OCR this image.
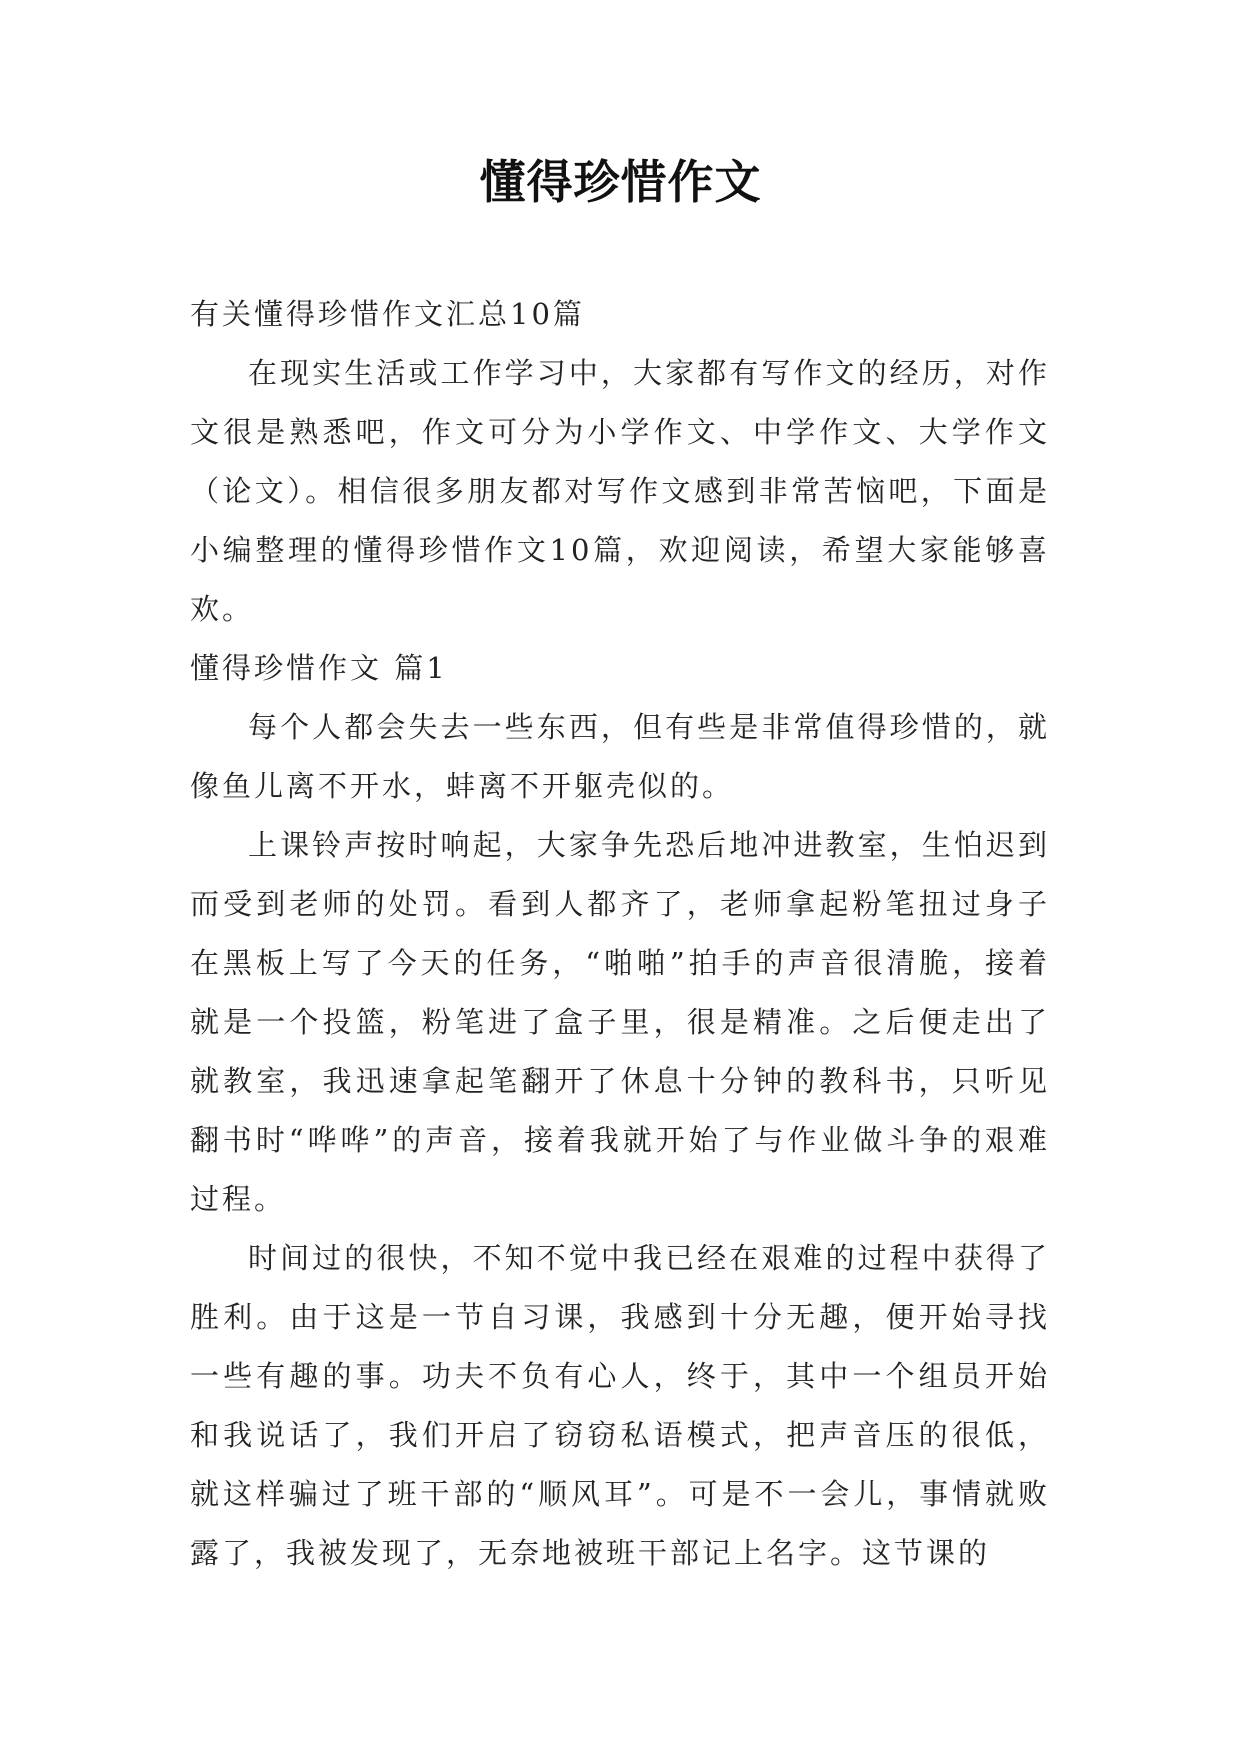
懂得珍惜作文

有关懂得珍惜作文汇总10篇

在现实生活或工作学习中，大家都有写作文的经历，对作文很是熟悉吧，作文可分为小学作文、中学作文、大学作文（论文）。相信很多朋友都对写作文感到非常苦恼吧，下面是小编整理的懂得珍惜作文10篇，欢迎阅读，希望大家能够喜欢。

懂得珍惜作文 篇1

每个人都会失去一些东西，但有些是非常值得珍惜的，就像鱼儿离不开水，蚌离不开躯壳似的。

上课铃声按时响起，大家争先恐后地冲进教室，生怕迟到而受到老师的处罚。看到人都齐了，老师拿起粉笔扭过身子在黑板上写了今天的任务，“啪啪”拍手的声音很清脆，接着就是一个投篮，粉笔进了盒子里，很是精准。之后便走出了就教室，我迅速拿起笔翻开了休息十分钟的教科书，只听见翻书时“哗哗”的声音，接着我就开始了与作业做斗争的艰难过程。

时间过的很快，不知不觉中我已经在艰难的过程中获得了胜利。由于这是一节自习课，我感到十分无趣，便开始寻找一些有趣的事。功夫不负有心人，终于，其中一个组员开始和我说话了，我们开启了窃窃私语模式，把声音压的很低，就这样骗过了班干部的“顺风耳”。可是不一会儿，事情就败露了，我被发现了，无奈地被班干部记上名字。这节课的
